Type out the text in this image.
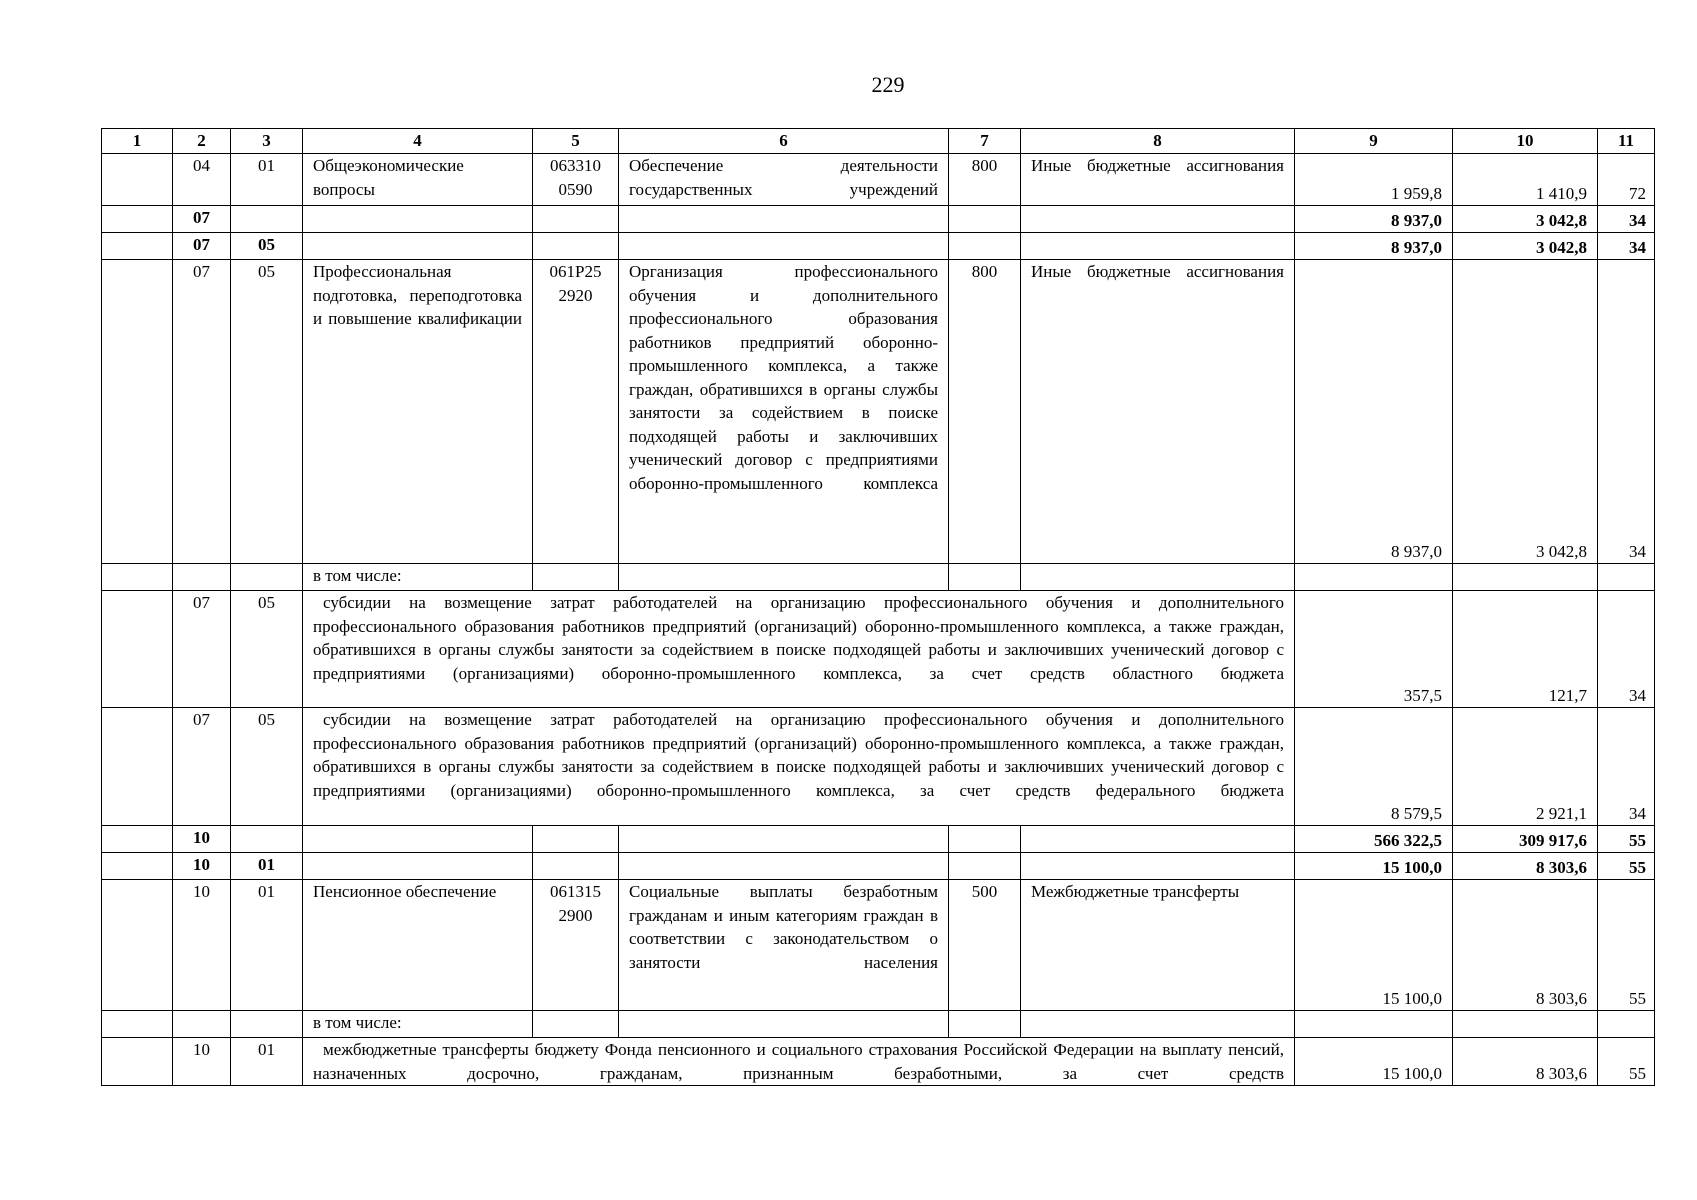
229
1	2	3	4	5	6	7	8	9	10	11
	04	01	Общеэкономические вопросы	063310 0590	Обеспечение деятельности государственных учреждений	800	Иные бюджетные ассигнования	1 959,8	1 410,9	72
	07							8 937,0	3 042,8	34
	07	05						8 937,0	3 042,8	34
	07	05	Профессиональная подготовка, переподготовка и повышение квалификации	061P25 2920	Организация профессионального обучения и дополнительного профессионального образования работников предприятий оборонно-промышленного комплекса, а также граждан, обратившихся в органы службы занятости за содействием в поиске подходящей работы и заключивших ученический договор с предприятиями оборонно-промышленного комплекса	800	Иные бюджетные ассигнования	8 937,0	3 042,8	34
			в том числе:							
	07	05	субсидии на возмещение затрат работодателей на организацию профессионального обучения и дополнительного профессионального образования работников предприятий (организаций) оборонно-промышленного комплекса, а также граждан, обратившихся в органы службы занятости за содействием в поиске подходящей работы и заключивших ученический договор с предприятиями (организациями) оборонно-промышленного комплекса, за счет средств областного бюджета					357,5	121,7	34
	07	05	субсидии на возмещение затрат работодателей на организацию профессионального обучения и дополнительного профессионального образования работников предприятий (организаций) оборонно-промышленного комплекса, а также граждан, обратившихся в органы службы занятости за содействием в поиске подходящей работы и заключивших ученический договор с предприятиями (организациями) оборонно-промышленного комплекса, за счет средств федерального бюджета					8 579,5	2 921,1	34
	10							566 322,5	309 917,6	55
	10	01						15 100,0	8 303,6	55
	10	01	Пенсионное обеспечение	061315 2900	Социальные выплаты безработным гражданам и иным категориям граждан в соответствии с законодательством о занятости населения	500	Межбюджетные трансферты	15 100,0	8 303,6	55
			в том числе:							
	10	01	межбюджетные трансферты бюджету Фонда пенсионного и социального страхования Российской Федерации на выплату пенсий, назначенных досрочно, гражданам, признанным безработными, за счет средств					15 100,0	8 303,6	55
